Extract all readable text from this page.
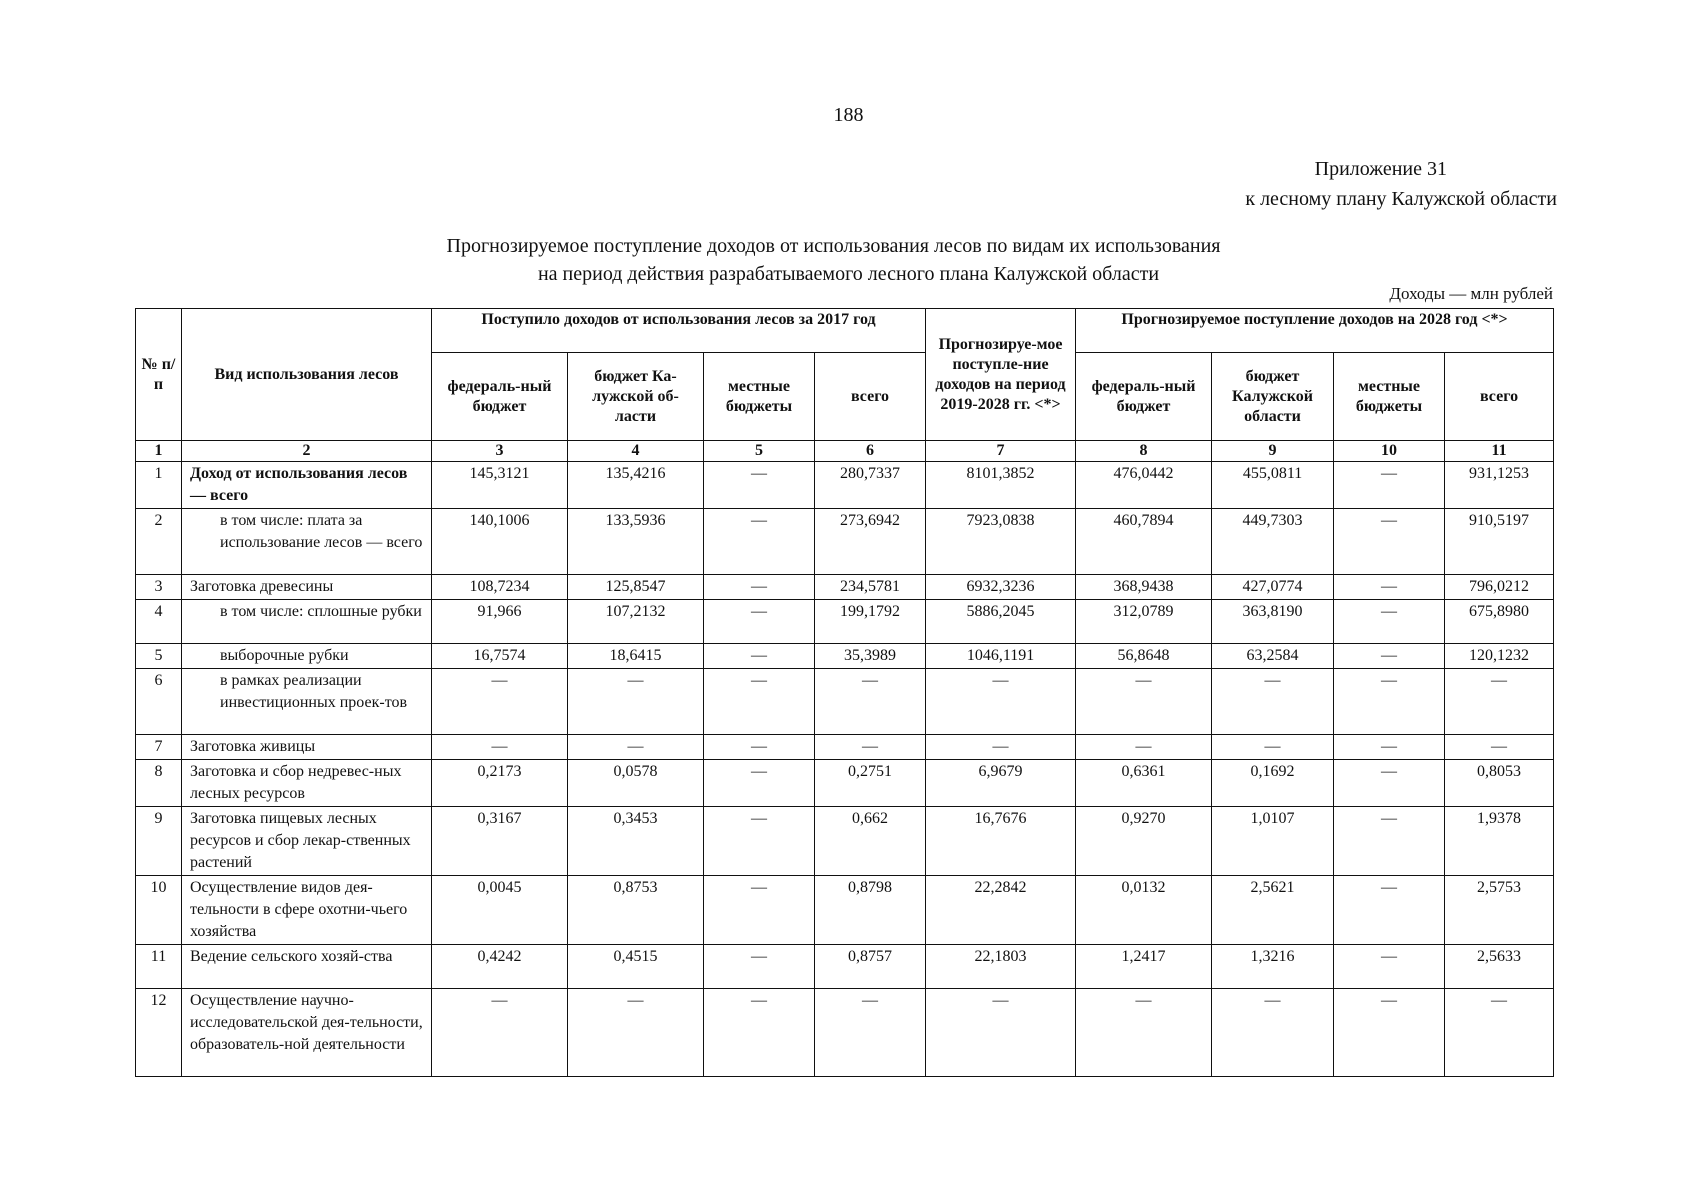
188
Приложение 31
к лесному плану Калужской области
Прогнозируемое поступление доходов от использования лесов по видам их использования
на период действия разрабатываемого лесного плана Калужской области
Доходы — млн рублей
№ п/п	Вид использования лесов	Поступило доходов от использования лесов за 2017 год				Прогнозируе-мое поступле-ние доходов на период 2019-2028 гг. <*>	Прогнозируемое поступление доходов на 2028 год <*>			
		федераль-ный бюджет	бюджет Ка-лужской об-ласти	местные бюджеты	всего		федераль-ный бюджет	бюджет Калужской области	местные бюджеты	всего
1	2	3	4	5	6	7	8	9	10	11
1	Доход от использования лесов — всего	145,3121	135,4216	—	280,7337	8101,3852	476,0442	455,0811	—	931,1253
2	в том числе: плата за использование лесов — всего	140,1006	133,5936	—	273,6942	7923,0838	460,7894	449,7303	—	910,5197
3	Заготовка древесины	108,7234	125,8547	—	234,5781	6932,3236	368,9438	427,0774	—	796,0212
4	в том числе: сплошные рубки	91,966	107,2132	—	199,1792	5886,2045	312,0789	363,8190	—	675,8980
5	выборочные рубки	16,7574	18,6415	—	35,3989	1046,1191	56,8648	63,2584	—	120,1232
6	в рамках реализации инвестиционных проек-тов	—	—	—	—	—	—	—	—	—
7	Заготовка живицы	—	—	—	—	—	—	—	—	—
8	Заготовка и сбор недревес-ных лесных ресурсов	0,2173	0,0578	—	0,2751	6,9679	0,6361	0,1692	—	0,8053
9	Заготовка пищевых лесных ресурсов и сбор лекар-ственных растений	0,3167	0,3453	—	0,662	16,7676	0,9270	1,0107	—	1,9378
10	Осуществление видов дея-тельности в сфере охотни-чьего хозяйства	0,0045	0,8753	—	0,8798	22,2842	0,0132	2,5621	—	2,5753
11	Ведение сельского хозяй-ства	0,4242	0,4515	—	0,8757	22,1803	1,2417	1,3216	—	2,5633
12	Осуществление научно-исследовательской дея-тельности, образователь-ной деятельности	—	—	—	—	—	—	—	—	—
